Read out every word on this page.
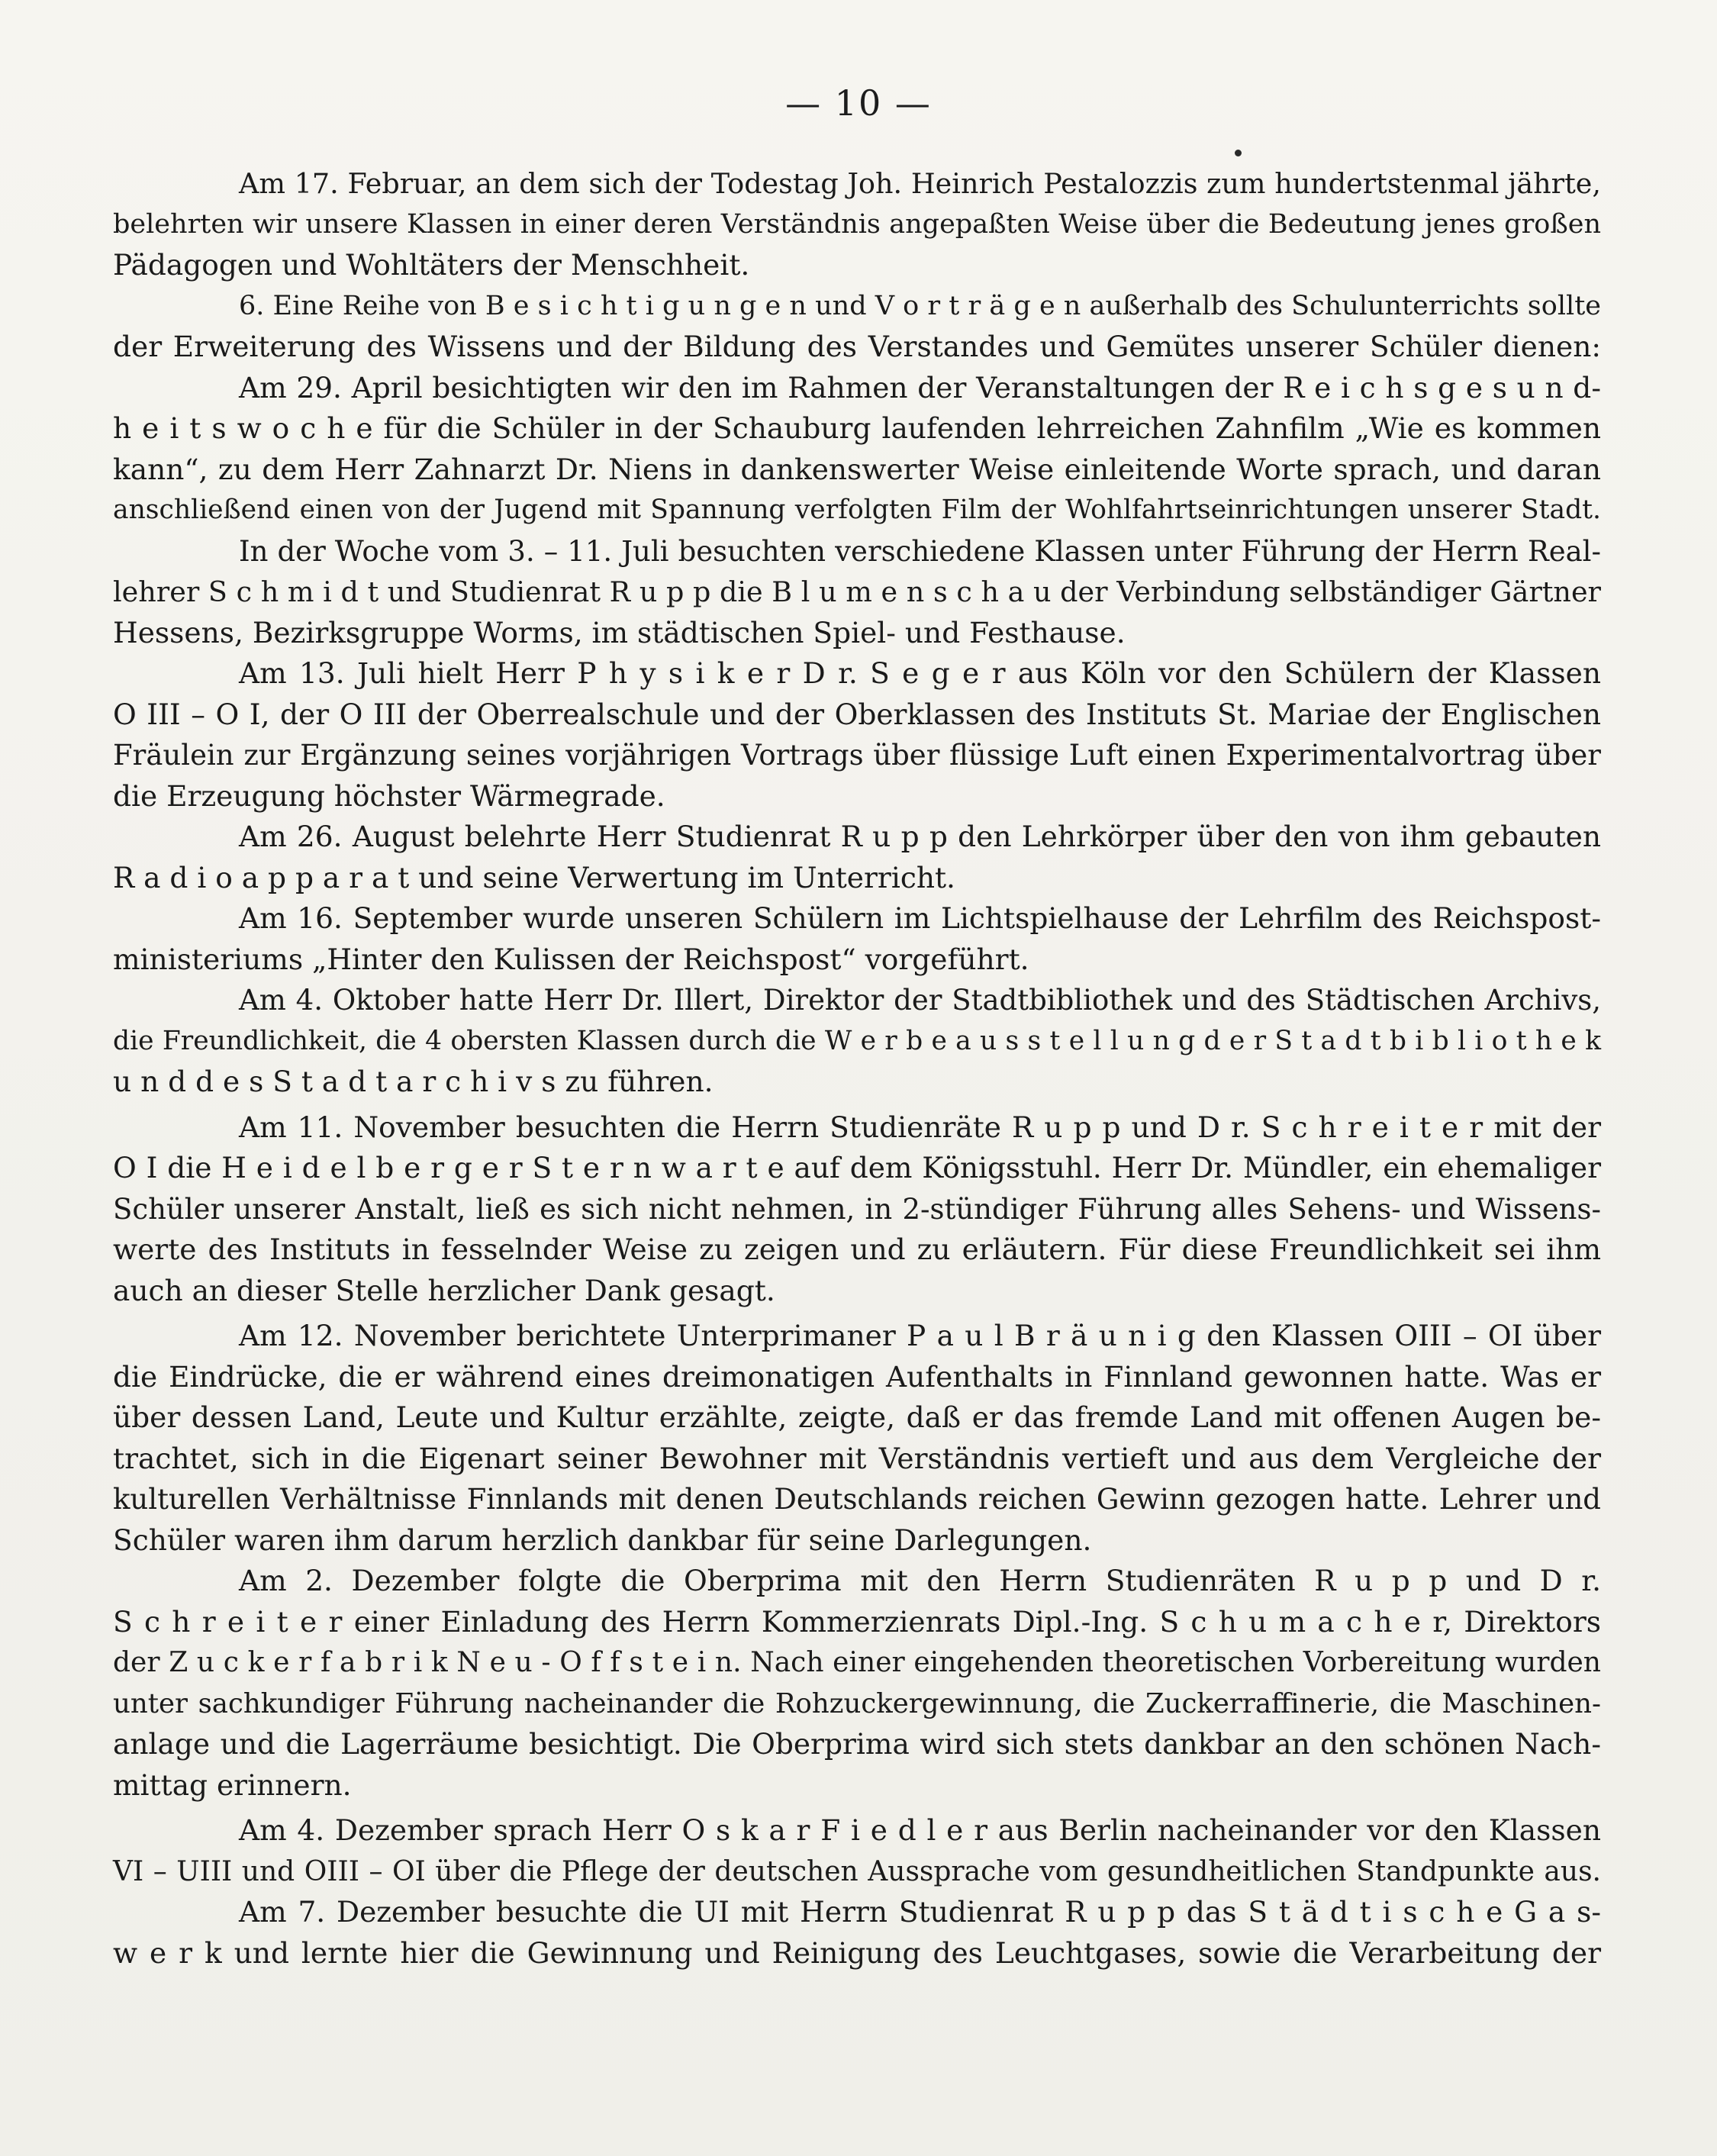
— 10 —
Am 17. Februar, an dem sich der Todestag Joh. Heinrich Pestalozzis zum hundertstenmal jährte,
belehrten wir unsere Klassen in einer deren Verständnis angepaßten Weise über die Bedeutung jenes großen
Pädagogen und Wohltäters der Menschheit.
6. Eine Reihe von B e s i c h t i g u n g e n und V o r t r ä g e n außerhalb des Schulunterrichts sollte
der Erweiterung des Wissens und der Bildung des Verstandes und Gemütes unserer Schüler dienen:
Am 29. April besichtigten wir den im Rahmen der Veranstaltungen der R e i c h s g e s u n d-
h e i t s w o c h e für die Schüler in der Schauburg laufenden lehrreichen Zahnfilm „Wie es kommen
kann“, zu dem Herr Zahnarzt Dr. Niens in dankenswerter Weise einleitende Worte sprach, und daran
anschließend einen von der Jugend mit Spannung verfolgten Film der Wohlfahrtseinrichtungen unserer Stadt.
In der Woche vom 3. – 11. Juli besuchten verschiedene Klassen unter Führung der Herrn Real-
lehrer S c h m i d t und Studienrat R u p p die B l u m e n s c h a u der Verbindung selbständiger Gärtner
Hessens, Bezirksgruppe Worms, im städtischen Spiel- und Festhause.
Am 13. Juli hielt Herr P h y s i k e r D r. S e g e r aus Köln vor den Schülern der Klassen
O III – O I, der O III der Oberrealschule und der Oberklassen des Instituts St. Mariae der Englischen
Fräulein zur Ergänzung seines vorjährigen Vortrags über flüssige Luft einen Experimentalvortrag über
die Erzeugung höchster Wärmegrade.
Am 26. August belehrte Herr Studienrat R u p p den Lehrkörper über den von ihm gebauten
R a d i o a p p a r a t und seine Verwertung im Unterricht.
Am 16. September wurde unseren Schülern im Lichtspielhause der Lehrfilm des Reichspost-
ministeriums „Hinter den Kulissen der Reichspost“ vorgeführt.
Am 4. Oktober hatte Herr Dr. Illert, Direktor der Stadtbibliothek und des Städtischen Archivs,
die Freundlichkeit, die 4 obersten Klassen durch die W e r b e a u s s t e l l u n g d e r S t a d t b i b l i o t h e k
u n d d e s S t a d t a r c h i v s zu führen.
Am 11. November besuchten die Herrn Studienräte R u p p und D r. S c h r e i t e r mit der
O I die H e i d e l b e r g e r S t e r n w a r t e auf dem Königsstuhl. Herr Dr. Mündler, ein ehemaliger
Schüler unserer Anstalt, ließ es sich nicht nehmen, in 2-stündiger Führung alles Sehens- und Wissens-
werte des Instituts in fesselnder Weise zu zeigen und zu erläutern. Für diese Freundlichkeit sei ihm
auch an dieser Stelle herzlicher Dank gesagt.
Am 12. November berichtete Unterprimaner P a u l B r ä u n i g den Klassen OIII – OI über
die Eindrücke, die er während eines dreimonatigen Aufenthalts in Finnland gewonnen hatte. Was er
über dessen Land, Leute und Kultur erzählte, zeigte, daß er das fremde Land mit offenen Augen be-
trachtet, sich in die Eigenart seiner Bewohner mit Verständnis vertieft und aus dem Vergleiche der
kulturellen Verhältnisse Finnlands mit denen Deutschlands reichen Gewinn gezogen hatte. Lehrer und
Schüler waren ihm darum herzlich dankbar für seine Darlegungen.
Am 2. Dezember folgte die Oberprima mit den Herrn Studienräten R u p p und D r.
S c h r e i t e r einer Einladung des Herrn Kommerzienrats Dipl.-Ing. S c h u m a c h e r, Direktors
der Z u c k e r f a b r i k N e u - O f f s t e i n. Nach einer eingehenden theoretischen Vorbereitung wurden
unter sachkundiger Führung nacheinander die Rohzuckergewinnung, die Zuckerraffinerie, die Maschinen-
anlage und die Lagerräume besichtigt. Die Oberprima wird sich stets dankbar an den schönen Nach-
mittag erinnern.
Am 4. Dezember sprach Herr O s k a r F i e d l e r aus Berlin nacheinander vor den Klassen
VI – UIII und OIII – OI über die Pflege der deutschen Aussprache vom gesundheitlichen Standpunkte aus.
Am 7. Dezember besuchte die UI mit Herrn Studienrat R u p p das S t ä d t i s c h e G a s-
w e r k und lernte hier die Gewinnung und Reinigung des Leuchtgases, sowie die Verarbeitung der
